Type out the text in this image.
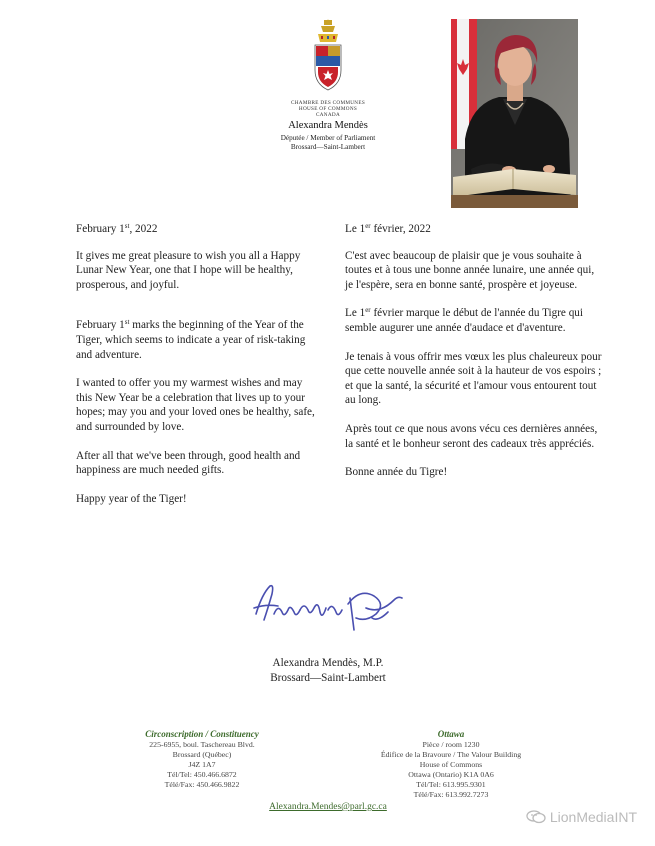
CHAMBRE DES COMMUNES
HOUSE OF COMMONS
CANADA
Alexandra Mendès
Députée / Member of Parliament
Brossard—Saint-Lambert

February 1st, 2022

It gives me great pleasure to wish you all a Happy Lunar New Year, one that I hope will be healthy, prosperous, and joyful.

February 1st marks the beginning of the Year of the Tiger, which seems to indicate a year of risk-taking and adventure.

I wanted to offer you my warmest wishes and may this New Year be a celebration that lives up to your hopes; may you and your loved ones be healthy, safe, and surrounded by love.

After all that we've been through, good health and happiness are much needed gifts.

Happy year of the Tiger!

Le 1er février, 2022

C'est avec beaucoup de plaisir que je vous souhaite à toutes et à tous une bonne année lunaire, une année qui, je l'espère, sera en bonne santé, prospère et joyeuse.

Le 1er février marque le début de l'année du Tigre qui semble augurer une année d'audace et d'aventure.

Je tenais à vous offrir mes vœux les plus chaleureux pour que cette nouvelle année soit à la hauteur de vos espoirs ; et que la santé, la sécurité et l'amour vous entourent tout au long.

Après tout ce que nous avons vécu ces dernières années, la santé et le bonheur seront des cadeaux très appréciés.

Bonne année du Tigre!

Alexandra Mendès, M.P.
Brossard—Saint-Lambert
Circonscription / Constituency
225-6955, boul. Taschereau Blvd.
Brossard (Québec)
J4Z 1A7
Tél/Tel: 450.466.6872
Télé/Fax: 450.466.9822
Ottawa
Pièce / room 1230
Édifice de la Bravoure / The Valour Building
House of Commons
Ottawa (Ontario) K1A 0A6
Tél/Tel: 613.995.9301
Télé/Fax: 613.992.7273
Alexandra.Mendes@parl.gc.ca
LionMediaINT
